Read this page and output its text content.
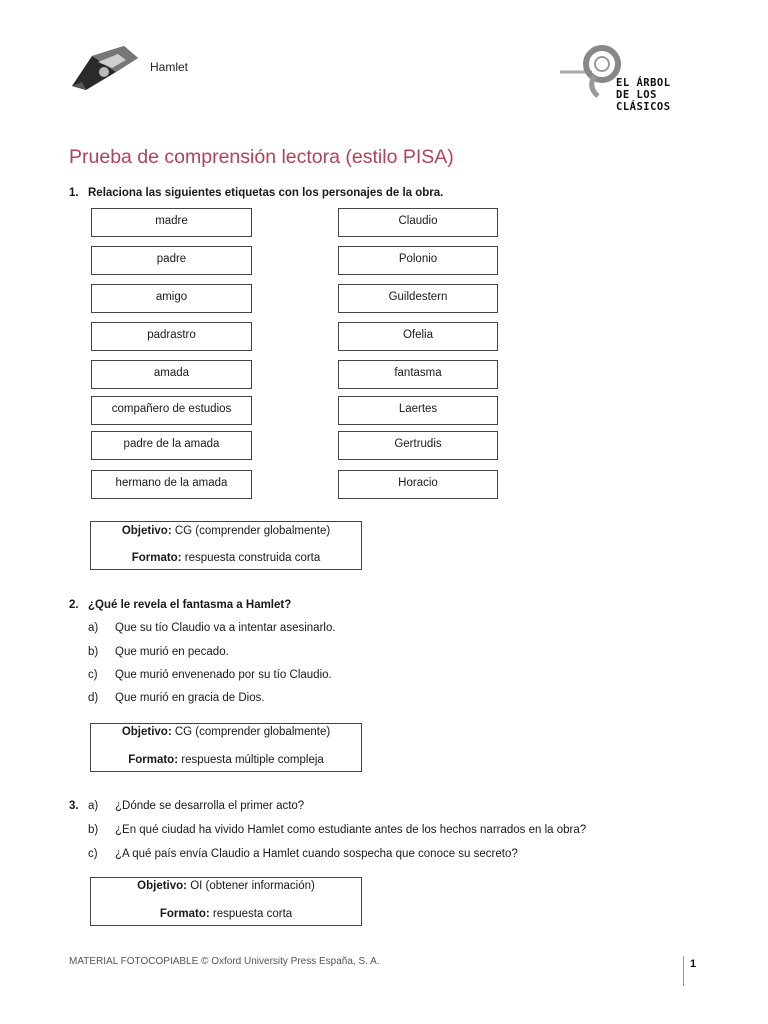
Hamlet
EL ÁRBOL
DE LOS CLÁSICOS
Prueba de comprensión lectora (estilo PISA)
1. Relaciona las siguientes etiquetas con los personajes de la obra.
madre
padre
amigo
padrastro
amada
compañero de estudios
padre de la amada
hermano de la amada
Claudio
Polonio
Guildestern
Ofelia
fantasma
Laertes
Gertrudis
Horacio
Objetivo: CG (comprender globalmente)
Formato: respuesta construida corta
2. ¿Qué le revela el fantasma a Hamlet?
a) Que su tío Claudio va a intentar asesinarlo.
b) Que murió en pecado.
c) Que murió envenenado por su tío Claudio.
d) Que murió en gracia de Dios.
Objetivo: CG (comprender globalmente)
Formato: respuesta múltiple compleja
3. a) ¿Dónde se desarrolla el primer acto?
b) ¿En qué ciudad ha vivido Hamlet como estudiante antes de los hechos narrados en la obra?
c) ¿A qué país envía Claudio a Hamlet cuando sospecha que conoce su secreto?
Objetivo: OI (obtener información)
Formato: respuesta corta
MATERIAL FOTOCOPIABLE © Oxford University Press España, S. A.	1
